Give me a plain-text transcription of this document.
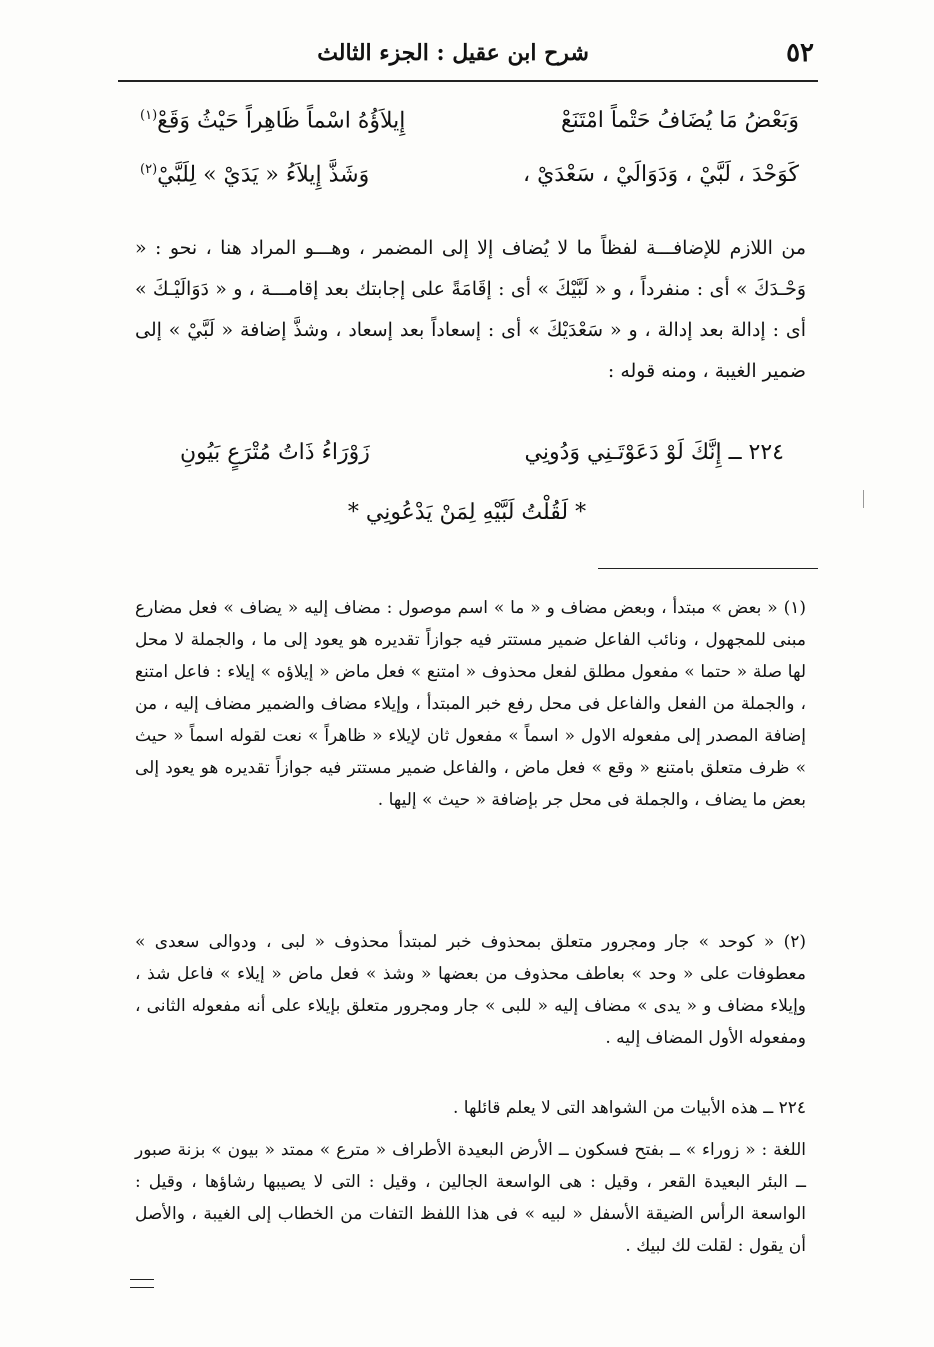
٥٢
شرح ابن عقيل : الجزء الثالث
وَبَعْضُ مَا يُضَافُ حَتْماً امْتَنَعْ
إِيلاَؤُهُ اسْماً ظَاهِراً حَيْثُ وَقَعْ$^{(١)}$
كَوَحْدَ ، لَبَّيْ ، وَدَوَالَيْ ، سَعْدَيْ ،
وَشَذَّ إِيلاَءُ « يَدَيْ » لِلَبَّيْ$^{(٢)}$
من اللازم للإضافـــة لفظاً ما لا يُضاف إلا إلى المضمر ، وهـــو المراد هنا ، نحو : « وَحْـدَكَ » أى : منفرداً ، و « لَبَّيْكَ » أى : إقَامَةً على إجابتك بعد إقامـــة ، و « دَوَالَيْـكَ » أى : إدالة بعد إدالة ، و « سَعْدَيْكَ » أى : إسعاداً بعد إسعاد ، وشذَّ إضافة « لَبَّيْ » إلى ضمير الغيبة ، ومنه قوله :
٢٢٤ ــ إِنَّكَ لَوْ دَعَوْتَـنِي وَدُونِي
زَوْرَاءُ ذَاتُ مُتْرَعٍ بَيُونِ
* لَقُلْتُ لَبَّيْهِ لِمَنْ يَدْعُونِي *
(١) « بعض » مبتدأ ، وبعض مضاف و « ما » اسم موصول : مضاف إليه « يضاف » فعل مضارع مبنى للمجهول ، ونائب الفاعل ضمير مستتر فيه جوازاً تقديره هو يعود إلى ما ، والجملة لا محل لها صلة « حتما » مفعول مطلق لفعل محذوف « امتنع » فعل ماض « إيلاؤه » إيلاء : فاعل امتنع ، والجملة من الفعل والفاعل فى محل رفع خبر المبتدأ ، وإيلاء مضاف والضمير مضاف إليه ، من إضافة المصدر إلى مفعوله الاول « اسماً » مفعول ثان لإيلاء « ظاهراً » نعت لقوله اسماً « حيث » ظرف متعلق بامتنع « وقع » فعل ماض ، والفاعل ضمير مستتر فيه جوازاً تقديره هو يعود إلى بعض ما يضاف ، والجملة فى محل جر بإضافة « حيث » إليها .
(٢) « كوحد » جار ومجرور متعلق بمحذوف خبر لمبتدأ محذوف « لبى ، ودوالى سعدى » معطوفات على « وحد » بعاطف محذوف من بعضها « وشذ » فعل ماض « إيلاء » فاعل شذ ، وإيلاء مضاف و « يدى » مضاف إليه « للبى » جار ومجرور متعلق بإيلاء على أنه مفعوله الثانى ، ومفعوله الأول المضاف إليه .
٢٢٤ ــ هذه الأبيات من الشواهد التى لا يعلم قائلها .
اللغة : « زوراء » ــ بفتح فسكون ــ الأرض البعيدة الأطراف « مترع » ممتد « بيون » بزنة صبور ــ البئر البعيدة القعر ، وقيل : هى الواسعة الجالين ، وقيل : التى لا يصيبها رشاؤها ، وقيل : الواسعة الرأس الضيقة الأسفل « لبيه » فى هذا اللفظ التفات من الخطاب إلى الغيبة ، والأصل أن يقول : لقلت لك لبيك .
